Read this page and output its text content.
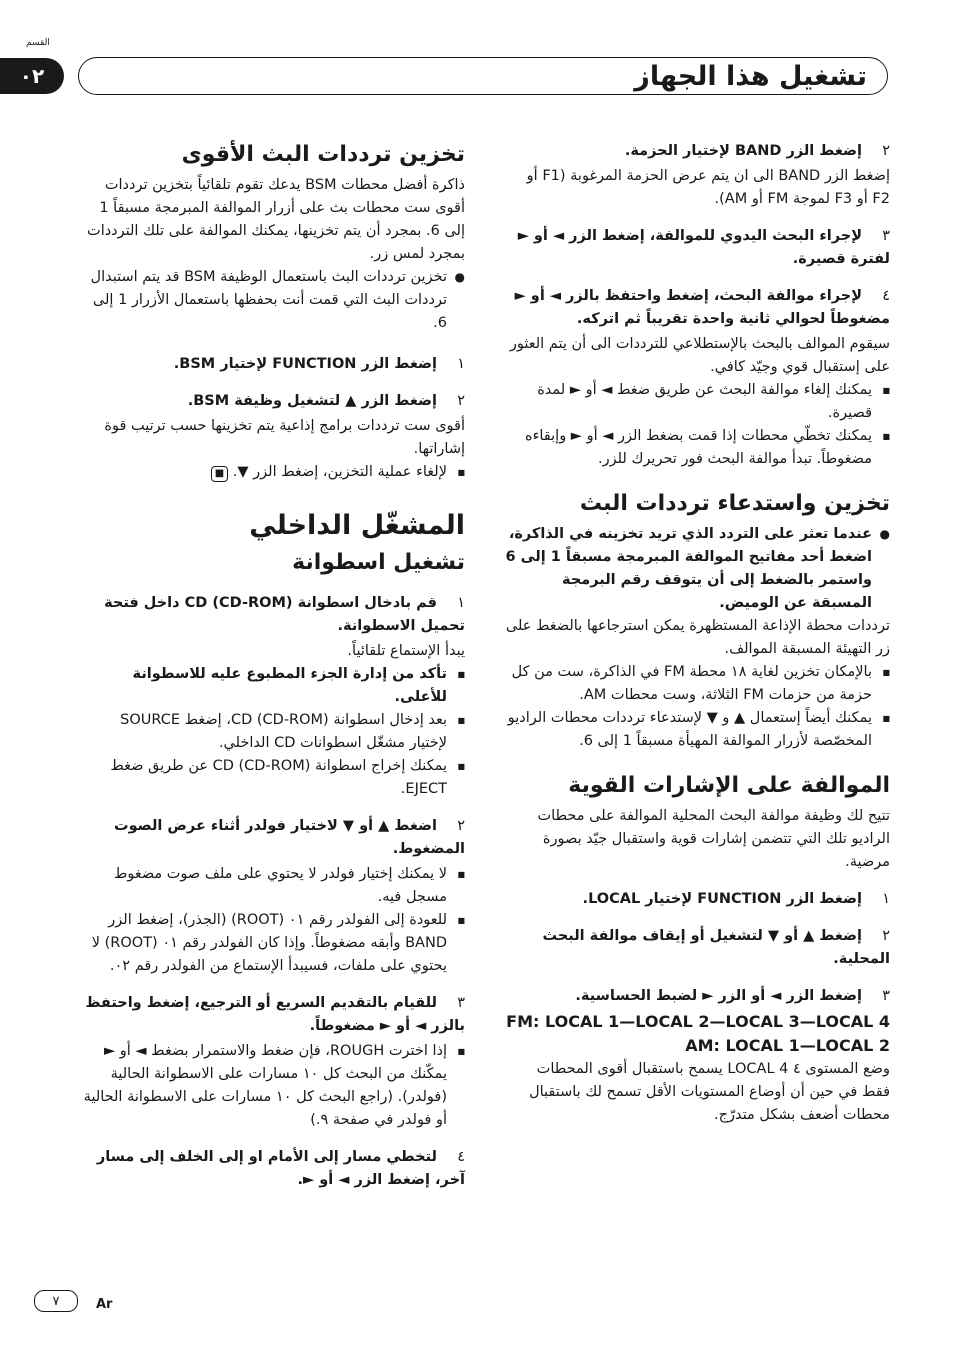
القسم
٠٢	تشغيل هذا الجهاز
٢إضغط الزر BAND لإختيار الحزمة.

إضغط الزر BAND الى ان يتم عرض الحزمة المرغوبة (F1 أو F2 أو F3 لموجة FM أو AM).

٣لإجراء البحث اليدوي للموالفة، إضغط الزر ◄ أو ► لفترة قصيرة.
٤لإجراء موالفة البحث، إضغط واحتفظ بالزر ◄ أو ► مضغوطاً لحوالي ثانية واحدة تقريباً ثم اتركه.

سيقوم الموالف بالبحث بالإستطلاعي للترددات الى أن يتم العثور على إستقبال قوي وجيّد كافي.

■ يمكنك إلغاء موالفة البحث عن طريق ضغط ◄ أو ► لمدة قصيرة.

■ يمكنك تخطّي محطات إذا قمت بضغط الزر ◄ أو ► وإبقاءه مضغوطاً. تبدأ موالفة البحث فور تحريرك للزر.

تخزين واستدعاء ترددات البث

● عندما تعثر على التردد الذي تريد تخزينه في الذاكرة، اضغط أحد مفاتيح الموالفة المبرمجة مسبقاً 1 إلى 6 واستمر بالضغط إلى أن يتوقف رقم البرمجة المسبقة عن الوميض.

ترددات محطة الإذاعة المستظهرة يمكن استرجاعها بالضغط على زر التهيئة المسبقة الموالف.

■ بالإمكان تخزين لغاية ١٨ محطة FM في الذاكرة، ست من كل حزمة من حزمات FM الثلاثة، وست محطات AM.

■ يمكنك أيضاً إستعمال ▲ و ▼ لإستدعاء ترددات محطات الراديو المخصّصة لأزرار الموالفة المهيأة مسبقاً 1 إلى 6.

الموالفة على الإشارات القوية

تتيح لك وظيفة موالفة البحث المحلية الموالفة على محطات الراديو تلك التي تتضمن إشارات قوية واستقبال جيّد بصورة مرضية.

١إضغط الزر FUNCTION لإختيار LOCAL.
٢إضغط ▲ أو ▼ لتشغيل أو إيقاف موالفة البحث المحلية.
٣إضغط الزر ◄ أو الزر ► لضبط الحساسية.

FM: LOCAL 1—LOCAL 2—LOCAL 3—LOCAL 4

AM: LOCAL 1—LOCAL 2

وضع المستوى ٤ LOCAL 4 يسمح باستقبال أقوى المحطات فقط في حين أن أوضاع المستويات الأقل تسمح لك باستقبال محطات أضعف بشكل متدرّج.

تخزين ترددات البث الأقوى

ذاكرة أفضل محطات BSM يدعك تقوم تلقائياً بتخزين ترددات أقوى ست محطات بث على أزرار الموالفة المبرمجة مسبقاً 1 إلى 6. بمجرد أن يتم تخزينها، يمكنك الموالفة على تلك الترددات بمجرد لمس زر.

● تخزين ترددات البث باستعمال الوظيفة BSM قد يتم استبدال ترددات البث التي قمت أنت بحفظها باستعمال الأزرار 1 إلى 6.

١إضغط الزر FUNCTION لإختيار BSM.
٢إضغط الزر ▲ لتشغيل وظيفة BSM.

أقوى ست ترددات برامج إذاعية يتم تخزينها حسب ترتيب قوة إشاراتها.

■ لإلغاء عملية التخزين، إضغط الزر ▼. ■

المشغّل الداخلي
تشغيل اسطوانة
١قم بادخال اسطوانة CD (CD-ROM) داخل فتحة تحميل الاسطوانة.

يبدأ الإستماع تلقائياً.

■ تأكد من إدارة الجزء المطبوع عليه للاسطوانة للأعلى.

■ بعد إدخال اسطوانة CD (CD-ROM)، إضغط SOURCE لإختيار مشغّل اسطوانات CD الداخلي.

■ يمكنك إخراج اسطوانة CD (CD-ROM) عن طريق ضغط EJECT.

٢اضغط ▲ أو ▼ لاختيار فولدر أثناء عرض الصوت المضغوط.

■ لا يمكنك إختيار فولدر لا يحتوي على ملف صوت مضغوط مسجل فيه.

■ للعودة إلى الفولدر رقم ٠١ (ROOT) (الجذر)، إضغط الزر BAND وأبقه مضغوطاً. وإذا كان الفولدر رقم ٠١ (ROOT) لا يحتوي على ملفات، فسيبدأ الإستماع من الفولدر رقم ٠٢.

٣للقيام بالتقديم السريع أو الترجيع، إضغط واحتفظ بالزر ◄ أو ► مضغوطاً.

■ إذا اخترت ROUGH، فإن ضغط والاستمرار بضغط ◄ أو ► يمكّنك من البحث كل ١٠ مسارات على الاسطوانة الحالية (فولدر). (راجع البحث كل ١٠ مسارات على الاسطوانة الحالية أو فولدر في صفحة ٩.)

٤لتخطي مسار إلى الأمام او إلى الخلف إلى مسار آخر، إضغط الزر ◄ أو ►.
٧	Ar
